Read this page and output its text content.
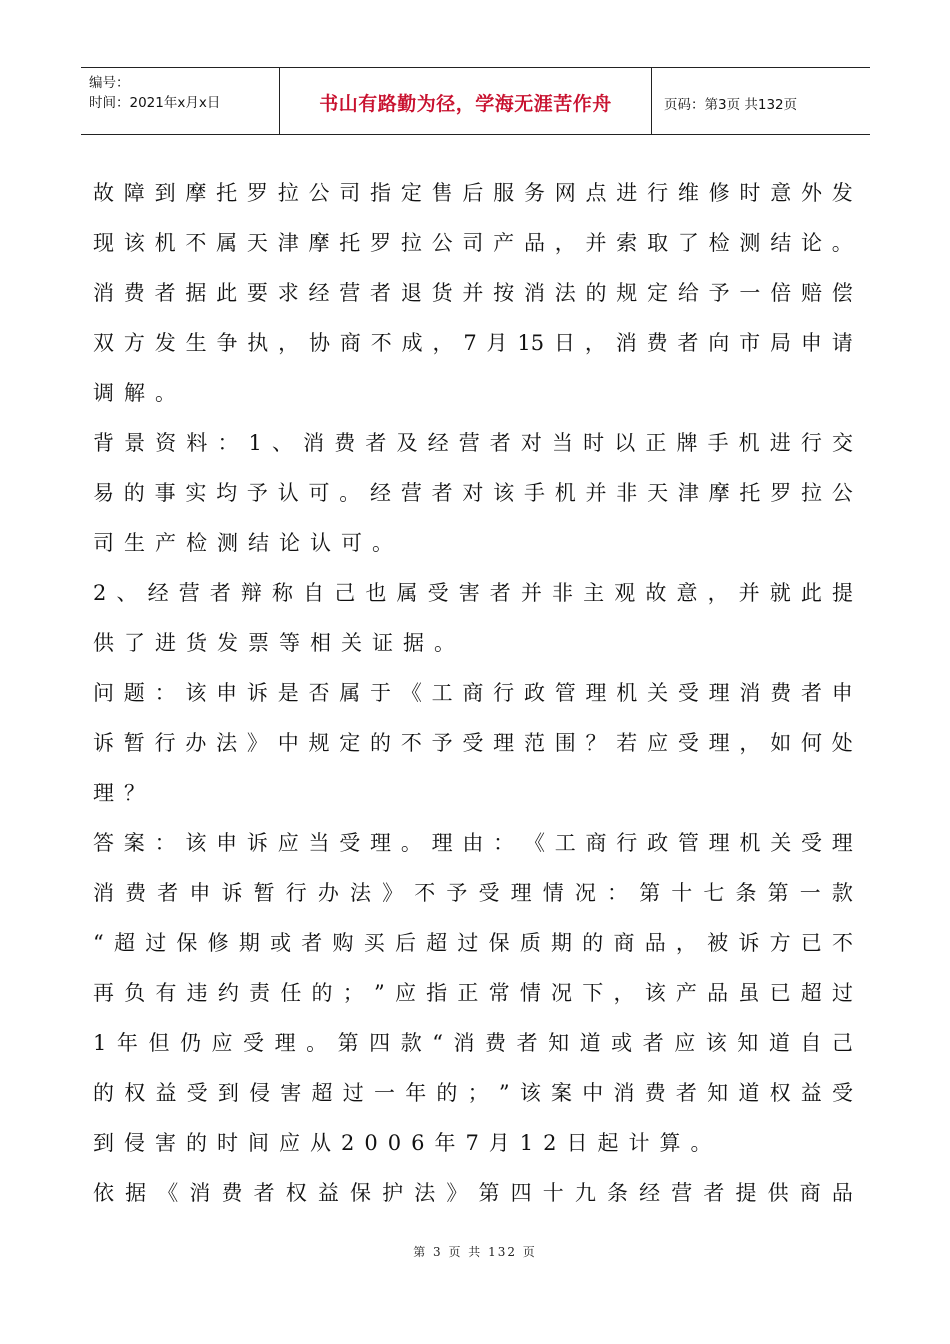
编号：
时间：2021年x月x日	书山有路勤为径，学海无涯苦作舟	页码：第3页 共132页
故 障 到 摩 托 罗 拉 公 司 指 定 售 后 服 务 网 点 进 行 维 修 时 意 外 发
现 该 机 不 属 天 津 摩 托 罗 拉 公 司 产 品 ， 并 索 取 了 检 测 结 论 。
消 费 者 据 此 要 求 经 营 者 退 货 并 按 消 法 的 规 定 给 予 一 倍 赔 偿
双 方 发 生 争 执 ， 协 商 不 成 ， 7 月 15 日 ， 消 费 者 向 市 局 申 请
调解。
背 景 资 料 ： 1 、 消 费 者 及 经 营 者 对 当 时 以 正 牌 手 机 进 行 交
易 的 事 实 均 予 认 可 。 经 营 者 对 该 手 机 并 非 天 津 摩 托 罗 拉 公
司生产检测结论认可。
2 、 经 营 者 辩 称 自 己 也 属 受 害 者 并 非 主 观 故 意 ， 并 就 此 提
供了进货发票等相关证据。
问 题 ： 该 申 诉 是 否 属 于 《 工 商 行 政 管 理 机 关 受 理 消 费 者 申
诉 暂 行 办 法 》 中 规 定 的 不 予 受 理 范 围 ？ 若 应 受 理 ， 如 何 处
理？
答 案 ： 该 申 诉 应 当 受 理 。 理 由 ： 《 工 商 行 政 管 理 机 关 受 理
消 费 者 申 诉 暂 行 办 法 》 不 予 受 理 情 况 ： 第 十 七 条 第 一 款
“ 超 过 保 修 期 或 者 购 买 后 超 过 保 质 期 的 商 品 ， 被 诉 方 已 不
再 负 有 违 约 责 任 的 ； ” 应 指 正 常 情 况 下 ， 该 产 品 虽 已 超 过
1 年 但 仍 应 受 理 。 第 四 款 “ 消 费 者 知 道 或 者 应 该 知 道 自 己
的 权 益 受 到 侵 害 超 过 一 年 的 ； ” 该 案 中 消 费 者 知 道 权 益 受
到侵害的时间应从2006年7月12日起计算。
依 据 《 消 费 者 权 益 保 护 法 》 第 四 十 九 条 经 营 者 提 供 商 品
第 3 页 共 132 页
